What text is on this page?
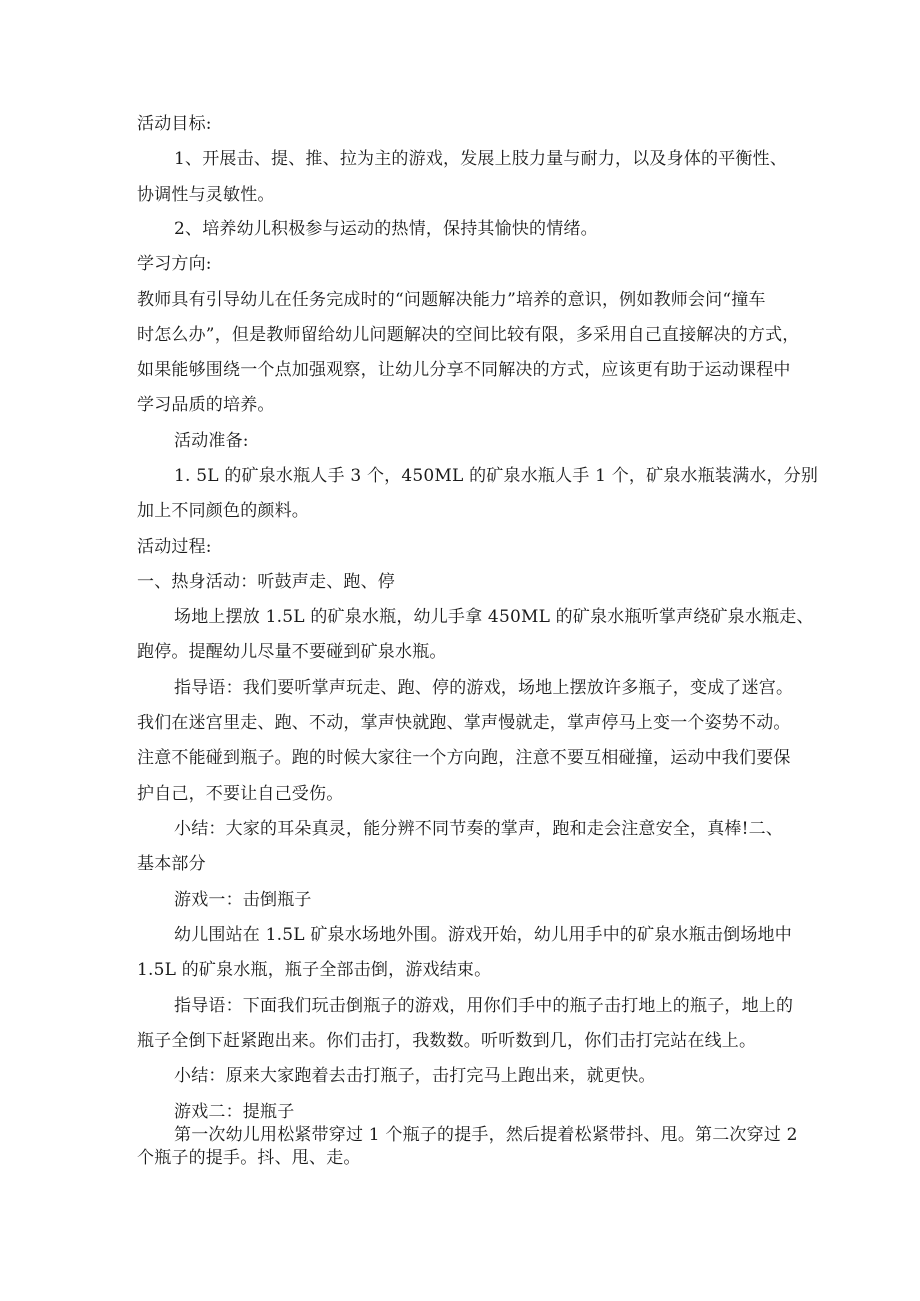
活动目标:
1、开展击、提、推、拉为主的游戏，发展上肢力量与耐力，以及身体的平衡性、
协调性与灵敏性。
2、培养幼儿积极参与运动的热情，保持其愉快的情绪。
学习方向:
教师具有引导幼儿在任务完成时的“问题解决能力”培养的意识，例如教师会问“撞车
时怎么办”，但是教师留给幼儿问题解决的空间比较有限，多采用自己直接解决的方式，
如果能够围绕一个点加强观察，让幼儿分享不同解决的方式，应该更有助于运动课程中
学习品质的培养。
活动准备:
1. 5L 的矿泉水瓶人手 3 个，450ML 的矿泉水瓶人手 1 个，矿泉水瓶装满水，分别
加上不同颜色的颜料。
活动过程:
一、热身活动：听鼓声走、跑、停
场地上摆放 1.5L 的矿泉水瓶，幼儿手拿 450ML 的矿泉水瓶听掌声绕矿泉水瓶走、
跑停。提醒幼儿尽量不要碰到矿泉水瓶。
指导语：我们要听掌声玩走、跑、停的游戏，场地上摆放许多瓶子，变成了迷宫。
我们在迷宫里走、跑、不动，掌声快就跑、掌声慢就走，掌声停马上变一个姿势不动。
注意不能碰到瓶子。跑的时候大家往一个方向跑，注意不要互相碰撞，运动中我们要保
护自己，不要让自己受伤。
小结：大家的耳朵真灵，能分辨不同节奏的掌声，跑和走会注意安全，真棒!二、
基本部分
游戏一：击倒瓶子
幼儿围站在 1.5L 矿泉水场地外围。游戏开始，幼儿用手中的矿泉水瓶击倒场地中
1.5L 的矿泉水瓶，瓶子全部击倒，游戏结束。
指导语：下面我们玩击倒瓶子的游戏，用你们手中的瓶子击打地上的瓶子，地上的
瓶子全倒下赶紧跑出来。你们击打，我数数。听听数到几，你们击打完站在线上。
小结：原来大家跑着去击打瓶子，击打完马上跑出来，就更快。
游戏二：提瓶子
第一次幼儿用松紧带穿过 1 个瓶子的提手，然后提着松紧带抖、甩。第二次穿过 2
个瓶子的提手。抖、甩、走。
